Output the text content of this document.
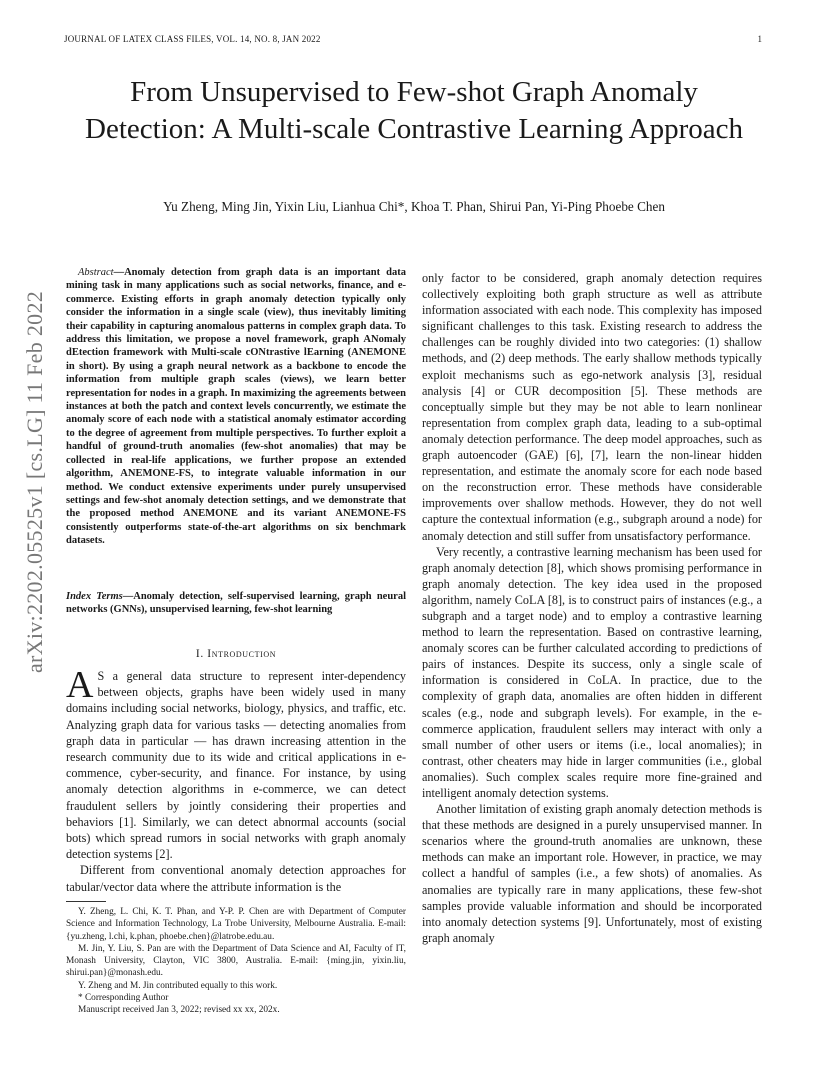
JOURNAL OF LATEX CLASS FILES, VOL. 14, NO. 8, JAN 2022	1
From Unsupervised to Few-shot Graph Anomaly Detection: A Multi-scale Contrastive Learning Approach
Yu Zheng, Ming Jin, Yixin Liu, Lianhua Chi*, Khoa T. Phan, Shirui Pan, Yi-Ping Phoebe Chen
arXiv:2202.05525v1 [cs.LG] 11 Feb 2022

Abstract—Anomaly detection from graph data is an important data mining task in many applications such as social networks, finance, and e-commerce. Existing efforts in graph anomaly detection typically only consider the information in a single scale (view), thus inevitably limiting their capability in capturing anomalous patterns in complex graph data. To address this limitation, we propose a novel framework, graph ANomaly dEtection framework with Multi-scale cONtrastive lEarning (ANEMONE in short). By using a graph neural network as a backbone to encode the information from multiple graph scales (views), we learn better representation for nodes in a graph. In maximizing the agreements between instances at both the patch and context levels concurrently, we estimate the anomaly score of each node with a statistical anomaly estimator according to the degree of agreement from multiple perspectives. To further exploit a handful of ground-truth anomalies (few-shot anomalies) that may be collected in real-life applications, we further propose an extended algorithm, ANEMONE-FS, to integrate valuable information in our method. We conduct extensive experiments under purely unsupervised settings and few-shot anomaly detection settings, and we demonstrate that the proposed method ANEMONE and its variant ANEMONE-FS consistently outperforms state-of-the-art algorithms on six benchmark datasets.

Index Terms—Anomaly detection, self-supervised learning, graph neural networks (GNNs), unsupervised learning, few-shot learning
I. Introduction

A S a general data structure to represent inter-dependency between objects, graphs have been widely used in many domains including social networks, biology, physics, and traffic, etc. Analyzing graph data for various tasks — detecting anomalies from graph data in particular — has drawn increasing attention in the research community due to its wide and critical applications in e-commence, cyber-security, and finance. For instance, by using anomaly detection algorithms in e-commerce, we can detect fraudulent sellers by jointly considering their properties and behaviors [1]. Similarly, we can detect abnormal accounts (social bots) which spread rumors in social networks with graph anomaly detection systems [2].

Different from conventional anomaly detection approaches for tabular/vector data where the attribute information is the

Y. Zheng, L. Chi, K. T. Phan, and Y-P. P. Chen are with Department of Computer Science and Information Technology, La Trobe University, Melbourne Australia. E-mail: {yu.zheng, l.chi, k.phan, phoebe.chen}@latrobe.edu.au.

M. Jin, Y. Liu, S. Pan are with the Department of Data Science and AI, Faculty of IT, Monash University, Clayton, VIC 3800, Australia. E-mail: {ming.jin, yixin.liu, shirui.pan}@monash.edu.

Y. Zheng and M. Jin contributed equally to this work.

* Corresponding Author

Manuscript received Jan 3, 2022; revised xx xx, 202x.

only factor to be considered, graph anomaly detection requires collectively exploiting both graph structure as well as attribute information associated with each node. This complexity has imposed significant challenges to this task. Existing research to address the challenges can be roughly divided into two categories: (1) shallow methods, and (2) deep methods. The early shallow methods typically exploit mechanisms such as ego-network analysis [3], residual analysis [4] or CUR decomposition [5]. These methods are conceptually simple but they may be not able to learn nonlinear representation from complex graph data, leading to a sub-optimal anomaly detection performance. The deep model approaches, such as graph autoencoder (GAE) [6], [7], learn the non-linear hidden representation, and estimate the anomaly score for each node based on the reconstruction error. These methods have considerable improvements over shallow methods. However, they do not well capture the contextual information (e.g., subgraph around a node) for anomaly detection and still suffer from unsatisfactory performance.

Very recently, a contrastive learning mechanism has been used for graph anomaly detection [8], which shows promising performance in graph anomaly detection. The key idea used in the proposed algorithm, namely CoLA [8], is to construct pairs of instances (e.g., a subgraph and a target node) and to employ a contrastive learning method to learn the representation. Based on contrastive learning, anomaly scores can be further calculated according to predictions of pairs of instances. Despite its success, only a single scale of information is considered in CoLA. In practice, due to the complexity of graph data, anomalies are often hidden in different scales (e.g., node and subgraph levels). For example, in the e-commerce application, fraudulent sellers may interact with only a small number of other users or items (i.e., local anomalies); in contrast, other cheaters may hide in larger communities (i.e., global anomalies). Such complex scales require more fine-grained and intelligent anomaly detection systems.

Another limitation of existing graph anomaly detection methods is that these methods are designed in a purely unsupervised manner. In scenarios where the ground-truth anomalies are unknown, these methods can make an important role. However, in practice, we may collect a handful of samples (i.e., a few shots) of anomalies. As anomalies are typically rare in many applications, these few-shot samples provide valuable information and should be incorporated into anomaly detection systems [9]. Unfortunately, most of existing graph anomaly
